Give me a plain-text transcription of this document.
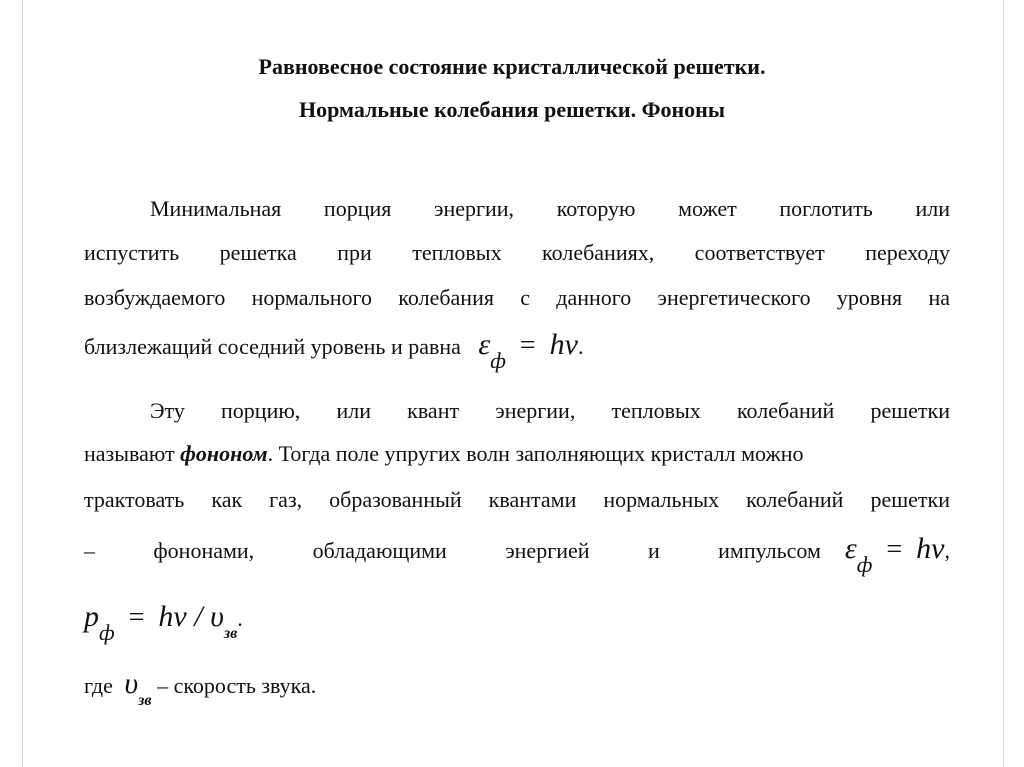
Равновесное состояние кристаллической решетки.
Нормальные колебания решетки. Фононы
Минимальная порция энергии, которую может поглотить или
испустить решетка при тепловых колебаниях, соответствует переходу
возбуждаемого нормального колебания с данного энергетического уровня на
близлежащий соседний уровень и равна $\varepsilon_ф = h\nu$.
Эту порцию, или квант энергии, тепловых колебаний решетки
называют фононом. Тогда поле упругих волн заполняющих кристалл можно
трактовать как газ, образованный квантами нормальных колебаний решетки
– фононами, обладающими энергией и импульсом $\varepsilon_ф = h\nu$,
$p_ф = h\nu / \upsilon_{зв}$.
где $\upsilon_{зв}$ – скорость звука.
